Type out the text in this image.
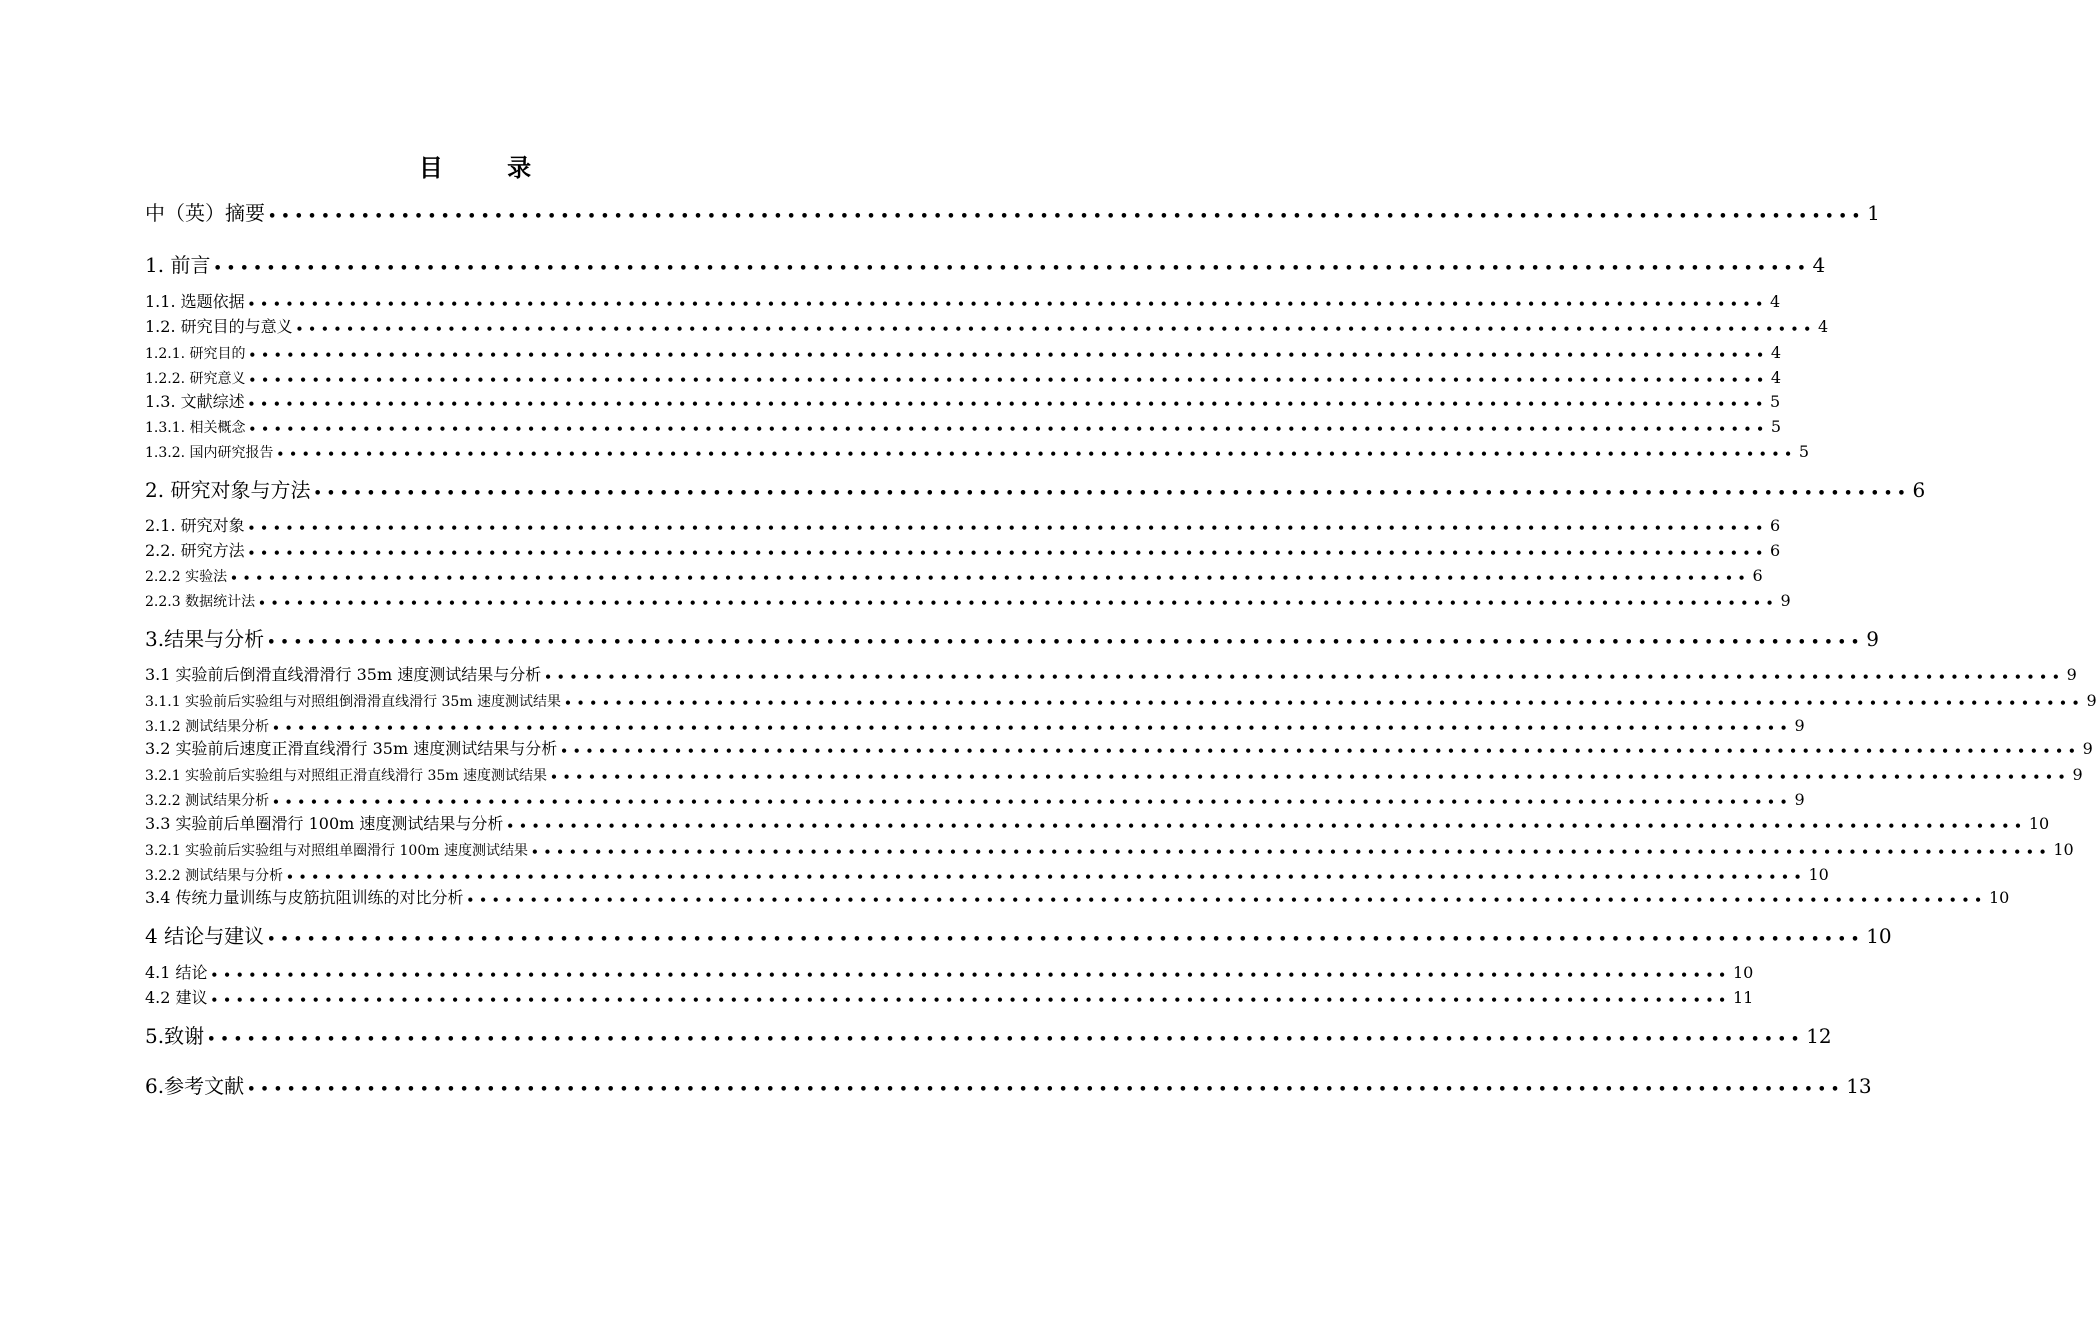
目 录
中（英）摘要 •••••••••••••••••••••••••••••••••••••••••••••••••••••••••••••••••••••••••••••••••••••••••••••••••••••••••••••••••••••••• 1
1. 前言 •••••••••••••••••••••••••••••••••••••••••••••••••••••••••••••••••••••••••••••••••••••••••••••••••••••••••••••••••••••••• 4
1.1. 选题依据 •••••••••••••••••••••••••••••••••••••••••••••••••••••••••••••••••••••••••••••••••••••••••••••••••••••••••••••••••••••••• 4
1.2. 研究目的与意义 •••••••••••••••••••••••••••••••••••••••••••••••••••••••••••••••••••••••••••••••••••••••••••••••••••••••••••••••••••••••• 4
1.2.1. 研究目的 •••••••••••••••••••••••••••••••••••••••••••••••••••••••••••••••••••••••••••••••••••••••••••••••••••••••••••••••••••••••• 4
1.2.2. 研究意义 •••••••••••••••••••••••••••••••••••••••••••••••••••••••••••••••••••••••••••••••••••••••••••••••••••••••••••••••••••••••• 4
1.3. 文献综述 •••••••••••••••••••••••••••••••••••••••••••••••••••••••••••••••••••••••••••••••••••••••••••••••••••••••••••••••••••••••• 5
1.3.1. 相关概念 •••••••••••••••••••••••••••••••••••••••••••••••••••••••••••••••••••••••••••••••••••••••••••••••••••••••••••••••••••••••• 5
1.3.2. 国内研究报告 •••••••••••••••••••••••••••••••••••••••••••••••••••••••••••••••••••••••••••••••••••••••••••••••••••••••••••••••••••••••• 5
2. 研究对象与方法 •••••••••••••••••••••••••••••••••••••••••••••••••••••••••••••••••••••••••••••••••••••••••••••••••••••••••••••••••••••••• 6
2.1. 研究对象 •••••••••••••••••••••••••••••••••••••••••••••••••••••••••••••••••••••••••••••••••••••••••••••••••••••••••••••••••••••••• 6
2.2. 研究方法 •••••••••••••••••••••••••••••••••••••••••••••••••••••••••••••••••••••••••••••••••••••••••••••••••••••••••••••••••••••••• 6
2.2.2 实验法 •••••••••••••••••••••••••••••••••••••••••••••••••••••••••••••••••••••••••••••••••••••••••••••••••••••••••••••••••••••••• 6
2.2.3 数据统计法 •••••••••••••••••••••••••••••••••••••••••••••••••••••••••••••••••••••••••••••••••••••••••••••••••••••••••••••••••••••••• 9
3.结果与分析 •••••••••••••••••••••••••••••••••••••••••••••••••••••••••••••••••••••••••••••••••••••••••••••••••••••••••••••••••••••••• 9
3.1 实验前后倒滑直线滑滑行 35m 速度测试结果与分析 •••••••••••••••••••••••••••••••••••••••••••••••••••••••••••••••••••••••••••••••••••••••••••••••••••••••••••••••••••••••• 9
3.1.1 实验前后实验组与对照组倒滑滑直线滑行 35m 速度测试结果 •••••••••••••••••••••••••••••••••••••••••••••••••••••••••••••••••••••••••••••••••••••••••••••••••••••••••••••••••••••••• 9
3.1.2 测试结果分析 •••••••••••••••••••••••••••••••••••••••••••••••••••••••••••••••••••••••••••••••••••••••••••••••••••••••••••••••••••••••• 9
3.2 实验前后速度正滑直线滑行 35m 速度测试结果与分析 •••••••••••••••••••••••••••••••••••••••••••••••••••••••••••••••••••••••••••••••••••••••••••••••••••••••••••••••••••••••• 9
3.2.1 实验前后实验组与对照组正滑直线滑行 35m 速度测试结果 •••••••••••••••••••••••••••••••••••••••••••••••••••••••••••••••••••••••••••••••••••••••••••••••••••••••••••••••••••••••• 9
3.2.2 测试结果分析 •••••••••••••••••••••••••••••••••••••••••••••••••••••••••••••••••••••••••••••••••••••••••••••••••••••••••••••••••••••••• 9
3.3 实验前后单圈滑行 100m 速度测试结果与分析 •••••••••••••••••••••••••••••••••••••••••••••••••••••••••••••••••••••••••••••••••••••••••••••••••••••••••••••••••••••••• 10
3.2.1 实验前后实验组与对照组单圈滑行 100m 速度测试结果 •••••••••••••••••••••••••••••••••••••••••••••••••••••••••••••••••••••••••••••••••••••••••••••••••••••••••••••••••••••••• 10
3.2.2 测试结果与分析 •••••••••••••••••••••••••••••••••••••••••••••••••••••••••••••••••••••••••••••••••••••••••••••••••••••••••••••••••••••••• 10
3.4 传统力量训练与皮筋抗阻训练的对比分析 •••••••••••••••••••••••••••••••••••••••••••••••••••••••••••••••••••••••••••••••••••••••••••••••••••••••••••••••••••••••• 10
4 结论与建议 •••••••••••••••••••••••••••••••••••••••••••••••••••••••••••••••••••••••••••••••••••••••••••••••••••••••••••••••••••••••• 10
4.1 结论 •••••••••••••••••••••••••••••••••••••••••••••••••••••••••••••••••••••••••••••••••••••••••••••••••••••••••••••••••••••••• 10
4.2 建议 •••••••••••••••••••••••••••••••••••••••••••••••••••••••••••••••••••••••••••••••••••••••••••••••••••••••••••••••••••••••• 11
5.致谢 •••••••••••••••••••••••••••••••••••••••••••••••••••••••••••••••••••••••••••••••••••••••••••••••••••••••••••••••••••••••• 12
6.参考文献 •••••••••••••••••••••••••••••••••••••••••••••••••••••••••••••••••••••••••••••••••••••••••••••••••••••••••••••••••••••••• 13
